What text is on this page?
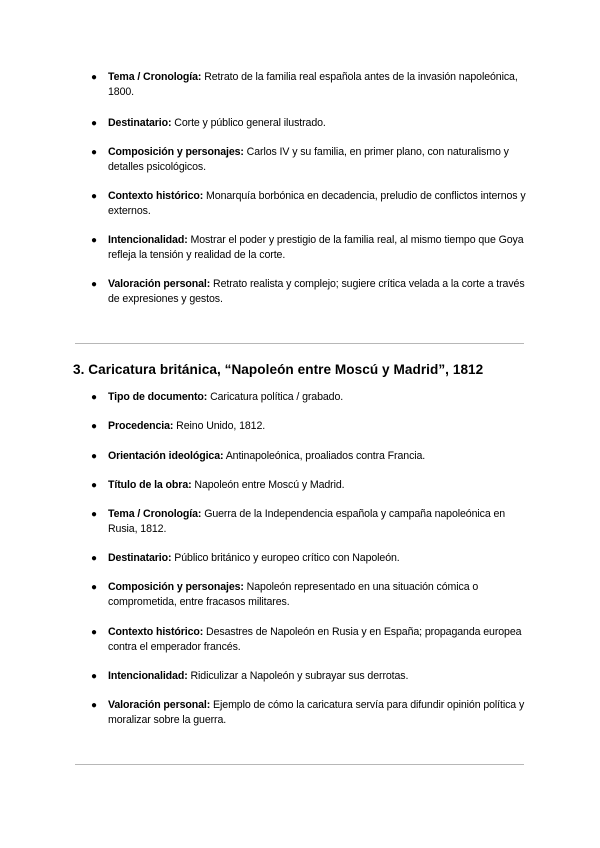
● Tema / Cronología: Retrato de la familia real española antes de la invasión napoleónica, 1800.
● Destinatario: Corte y público general ilustrado.
● Composición y personajes: Carlos IV y su familia, en primer plano, con naturalismo y detalles psicológicos.
● Contexto histórico: Monarquía borbónica en decadencia, preludio de conflictos internos y externos.
● Intencionalidad: Mostrar el poder y prestigio de la familia real, al mismo tiempo que Goya refleja la tensión y realidad de la corte.
● Valoración personal: Retrato realista y complejo; sugiere crítica velada a la corte a través de expresiones y gestos.
3. Caricatura británica, “Napoleón entre Moscú y Madrid”, 1812
● Tipo de documento: Caricatura política / grabado.
● Procedencia: Reino Unido, 1812.
● Orientación ideológica: Antinapoleónica, proaliados contra Francia.
● Título de la obra: Napoleón entre Moscú y Madrid.
● Tema / Cronología: Guerra de la Independencia española y campaña napoleónica en Rusia, 1812.
● Destinatario: Público británico y europeo crítico con Napoleón.
● Composición y personajes: Napoleón representado en una situación cómica o comprometida, entre fracasos militares.
● Contexto histórico: Desastres de Napoleón en Rusia y en España; propaganda europea contra el emperador francés.
● Intencionalidad: Ridiculizar a Napoleón y subrayar sus derrotas.
● Valoración personal: Ejemplo de cómo la caricatura servía para difundir opinión política y moralizar sobre la guerra.
